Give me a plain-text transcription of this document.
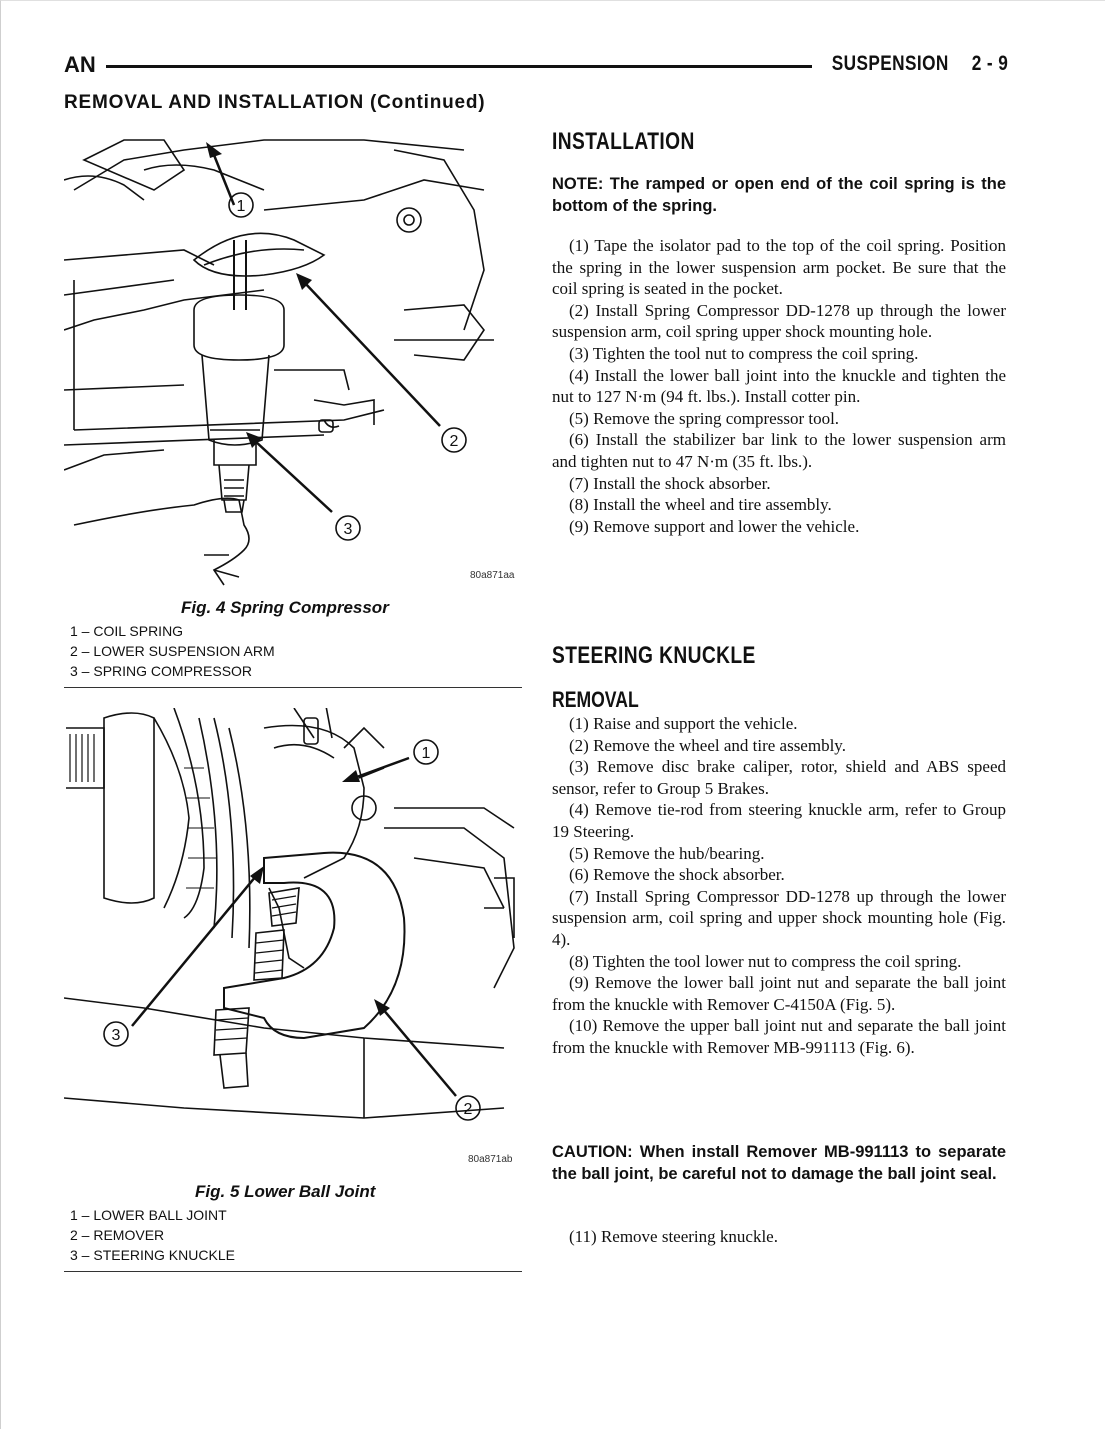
AN	SUSPENSION 2 - 9
REMOVAL AND INSTALLATION (Continued)
1
2
3
80a871aa
Fig. 4 Spring Compressor
1 – COIL SPRING
2 – LOWER SUSPENSION ARM
3 – SPRING COMPRESSOR
1
2
3
80a871ab
Fig. 5 Lower Ball Joint
1 – LOWER BALL JOINT
2 – REMOVER
3 – STEERING KNUCKLE
INSTALLATION
NOTE: The ramped or open end of the coil spring is the bottom of the spring.

(1) Tape the isolator pad to the top of the coil spring. Position the spring in the lower suspension arm pocket. Be sure that the coil spring is seated in the pocket.

(2) Install Spring Compressor DD-1278 up through the lower suspension arm, coil spring upper shock mounting hole.

(3) Tighten the tool nut to compress the coil spring.

(4) Install the lower ball joint into the knuckle and tighten the nut to 127 N·m (94 ft. lbs.). Install cotter pin.

(5) Remove the spring compressor tool.

(6) Install the stabilizer bar link to the lower suspension arm and tighten nut to 47 N·m (35 ft. lbs.).

(7) Install the shock absorber.

(8) Install the wheel and tire assembly.

(9) Remove support and lower the vehicle.

STEERING KNUCKLE
REMOVAL

(1) Raise and support the vehicle.

(2) Remove the wheel and tire assembly.

(3) Remove disc brake caliper, rotor, shield and ABS speed sensor, refer to Group 5 Brakes.

(4) Remove tie-rod from steering knuckle arm, refer to Group 19 Steering.

(5) Remove the hub/bearing.

(6) Remove the shock absorber.

(7) Install Spring Compressor DD-1278 up through the lower suspension arm, coil spring and upper shock mounting hole (Fig. 4).

(8) Tighten the tool lower nut to compress the coil spring.

(9) Remove the lower ball joint nut and separate the ball joint from the knuckle with Remover C-4150A (Fig. 5).

(10) Remove the upper ball joint nut and separate the ball joint from the knuckle with Remover MB-991113 (Fig. 6).

CAUTION: When install Remover MB-991113 to separate the ball joint, be careful not to damage the ball joint seal.

(11) Remove steering knuckle.
